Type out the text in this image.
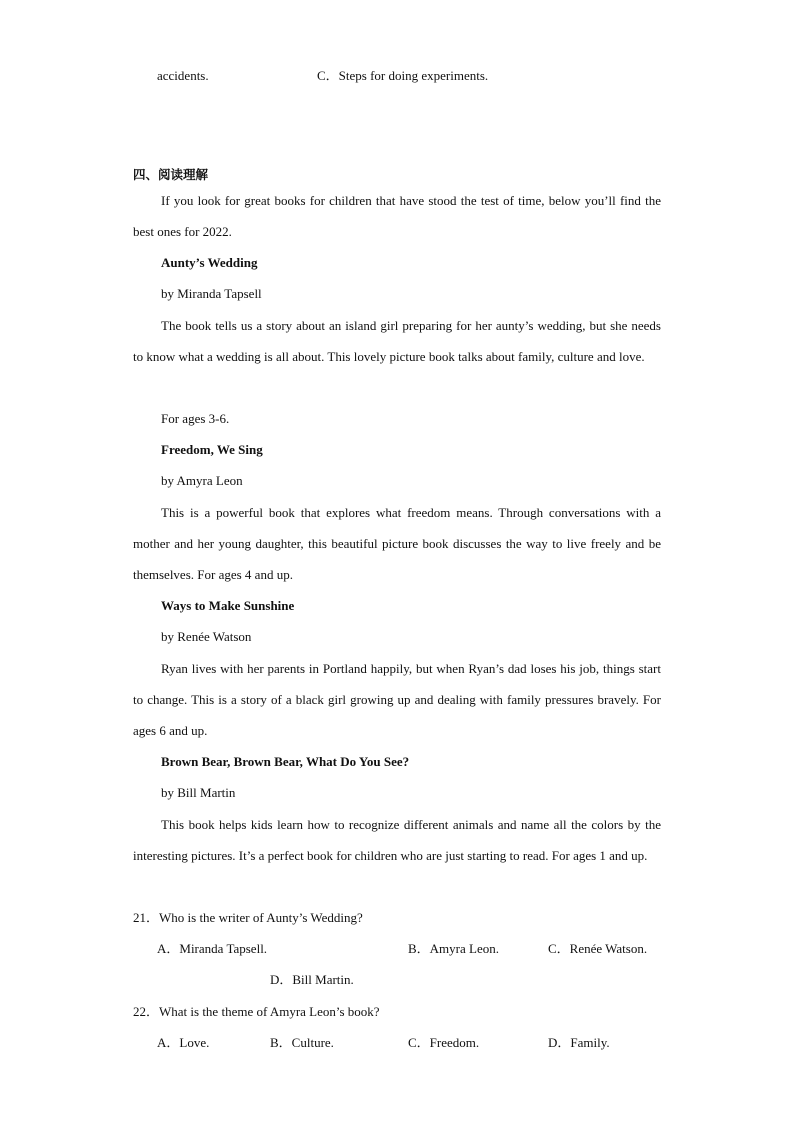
accidents.	C．Steps for doing experiments.
四、阅读理解
If you look for great books for children that have stood the test of time, below you’ll find the best ones for 2022.
Aunty’s Wedding
by Miranda Tapsell
The book tells us a story about an island girl preparing for her aunty’s wedding, but she needs to know what a wedding is all about. This lovely picture book talks about family, culture and love.
For ages 3-6.
Freedom, We Sing
by Amyra Leon
This is a powerful book that explores what freedom means. Through conversations with a mother and her young daughter, this beautiful picture book discusses the way to live freely and be themselves. For ages 4 and up.
Ways to Make Sunshine
by Renée Watson
Ryan lives with her parents in Portland happily, but when Ryan’s dad loses his job, things start to change. This is a story of a black girl growing up and dealing with family pressures bravely. For ages 6 and up.
Brown Bear, Brown Bear, What Do You See?
by Bill Martin
This book helps kids learn how to recognize different animals and name all the colors by the interesting pictures. It’s a perfect book for children who are just starting to read. For ages 1 and up.
21．Who is the writer of Aunty’s Wedding?
A．Miranda Tapsell.	B．Amyra Leon.	C．Renée Watson.
D．Bill Martin.
22．What is the theme of Amyra Leon’s book?
A．Love.	B．Culture.	C．Freedom.	D．Family.
